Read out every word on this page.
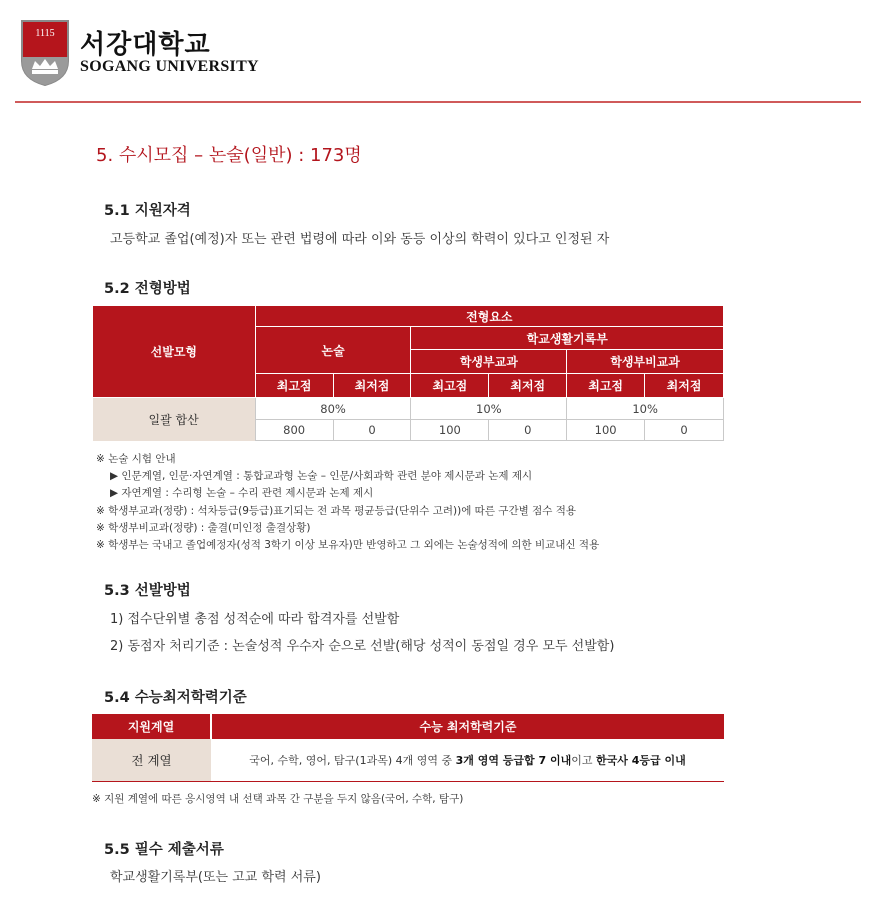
1115 서강대학교
SOGANG UNIVERSITY
5. 수시모집 – 논술(일반) : 173명
5.1 지원자격
고등학교 졸업(예정)자 또는 관련 법령에 따라 이와 동등 이상의 학력이 있다고 인정된 자
5.2 전형방법
선발모형	전형요소					
	논술		학교생활기록부			
			학생부교과		학생부비교과	
	최고점	최저점	최고점	최저점	최고점	최저점
일괄 합산	80%		10%		10%	
	800	0	100	0	100	0
※ 논술 시험 안내
▶ 인문계열, 인문·자연계열 : 통합교과형 논술 – 인문/사회과학 관련 분야 제시문과 논제 제시
▶ 자연계열 : 수리형 논술 – 수리 관련 제시문과 논제 제시
※ 학생부교과(정량) : 석차등급(9등급)표기되는 전 과목 평균등급(단위수 고려))에 따른 구간별 점수 적용
※ 학생부비교과(정량) : 출결(미인정 출결상황)
※ 학생부는 국내고 졸업예정자(성적 3학기 이상 보유자)만 반영하고 그 외에는 논술성적에 의한 비교내신 적용
5.3 선발방법
1) 접수단위별 총점 성적순에 따라 합격자를 선발함
2) 동점자 처리기준 : 논술성적 우수자 순으로 선발(해당 성적이 동점일 경우 모두 선발함)
5.4 수능최저학력기준
지원계열	수능 최저학력기준
전 계열	국어, 수학, 영어, 탐구(1과목) 4개 영역 중 3개 영역 등급합 7 이내이고 한국사 4등급 이내
※ 지원 계열에 따른 응시영역 내 선택 과목 간 구분을 두지 않음(국어, 수학, 탐구)
5.5 필수 제출서류
학교생활기록부(또는 고교 학력 서류)
